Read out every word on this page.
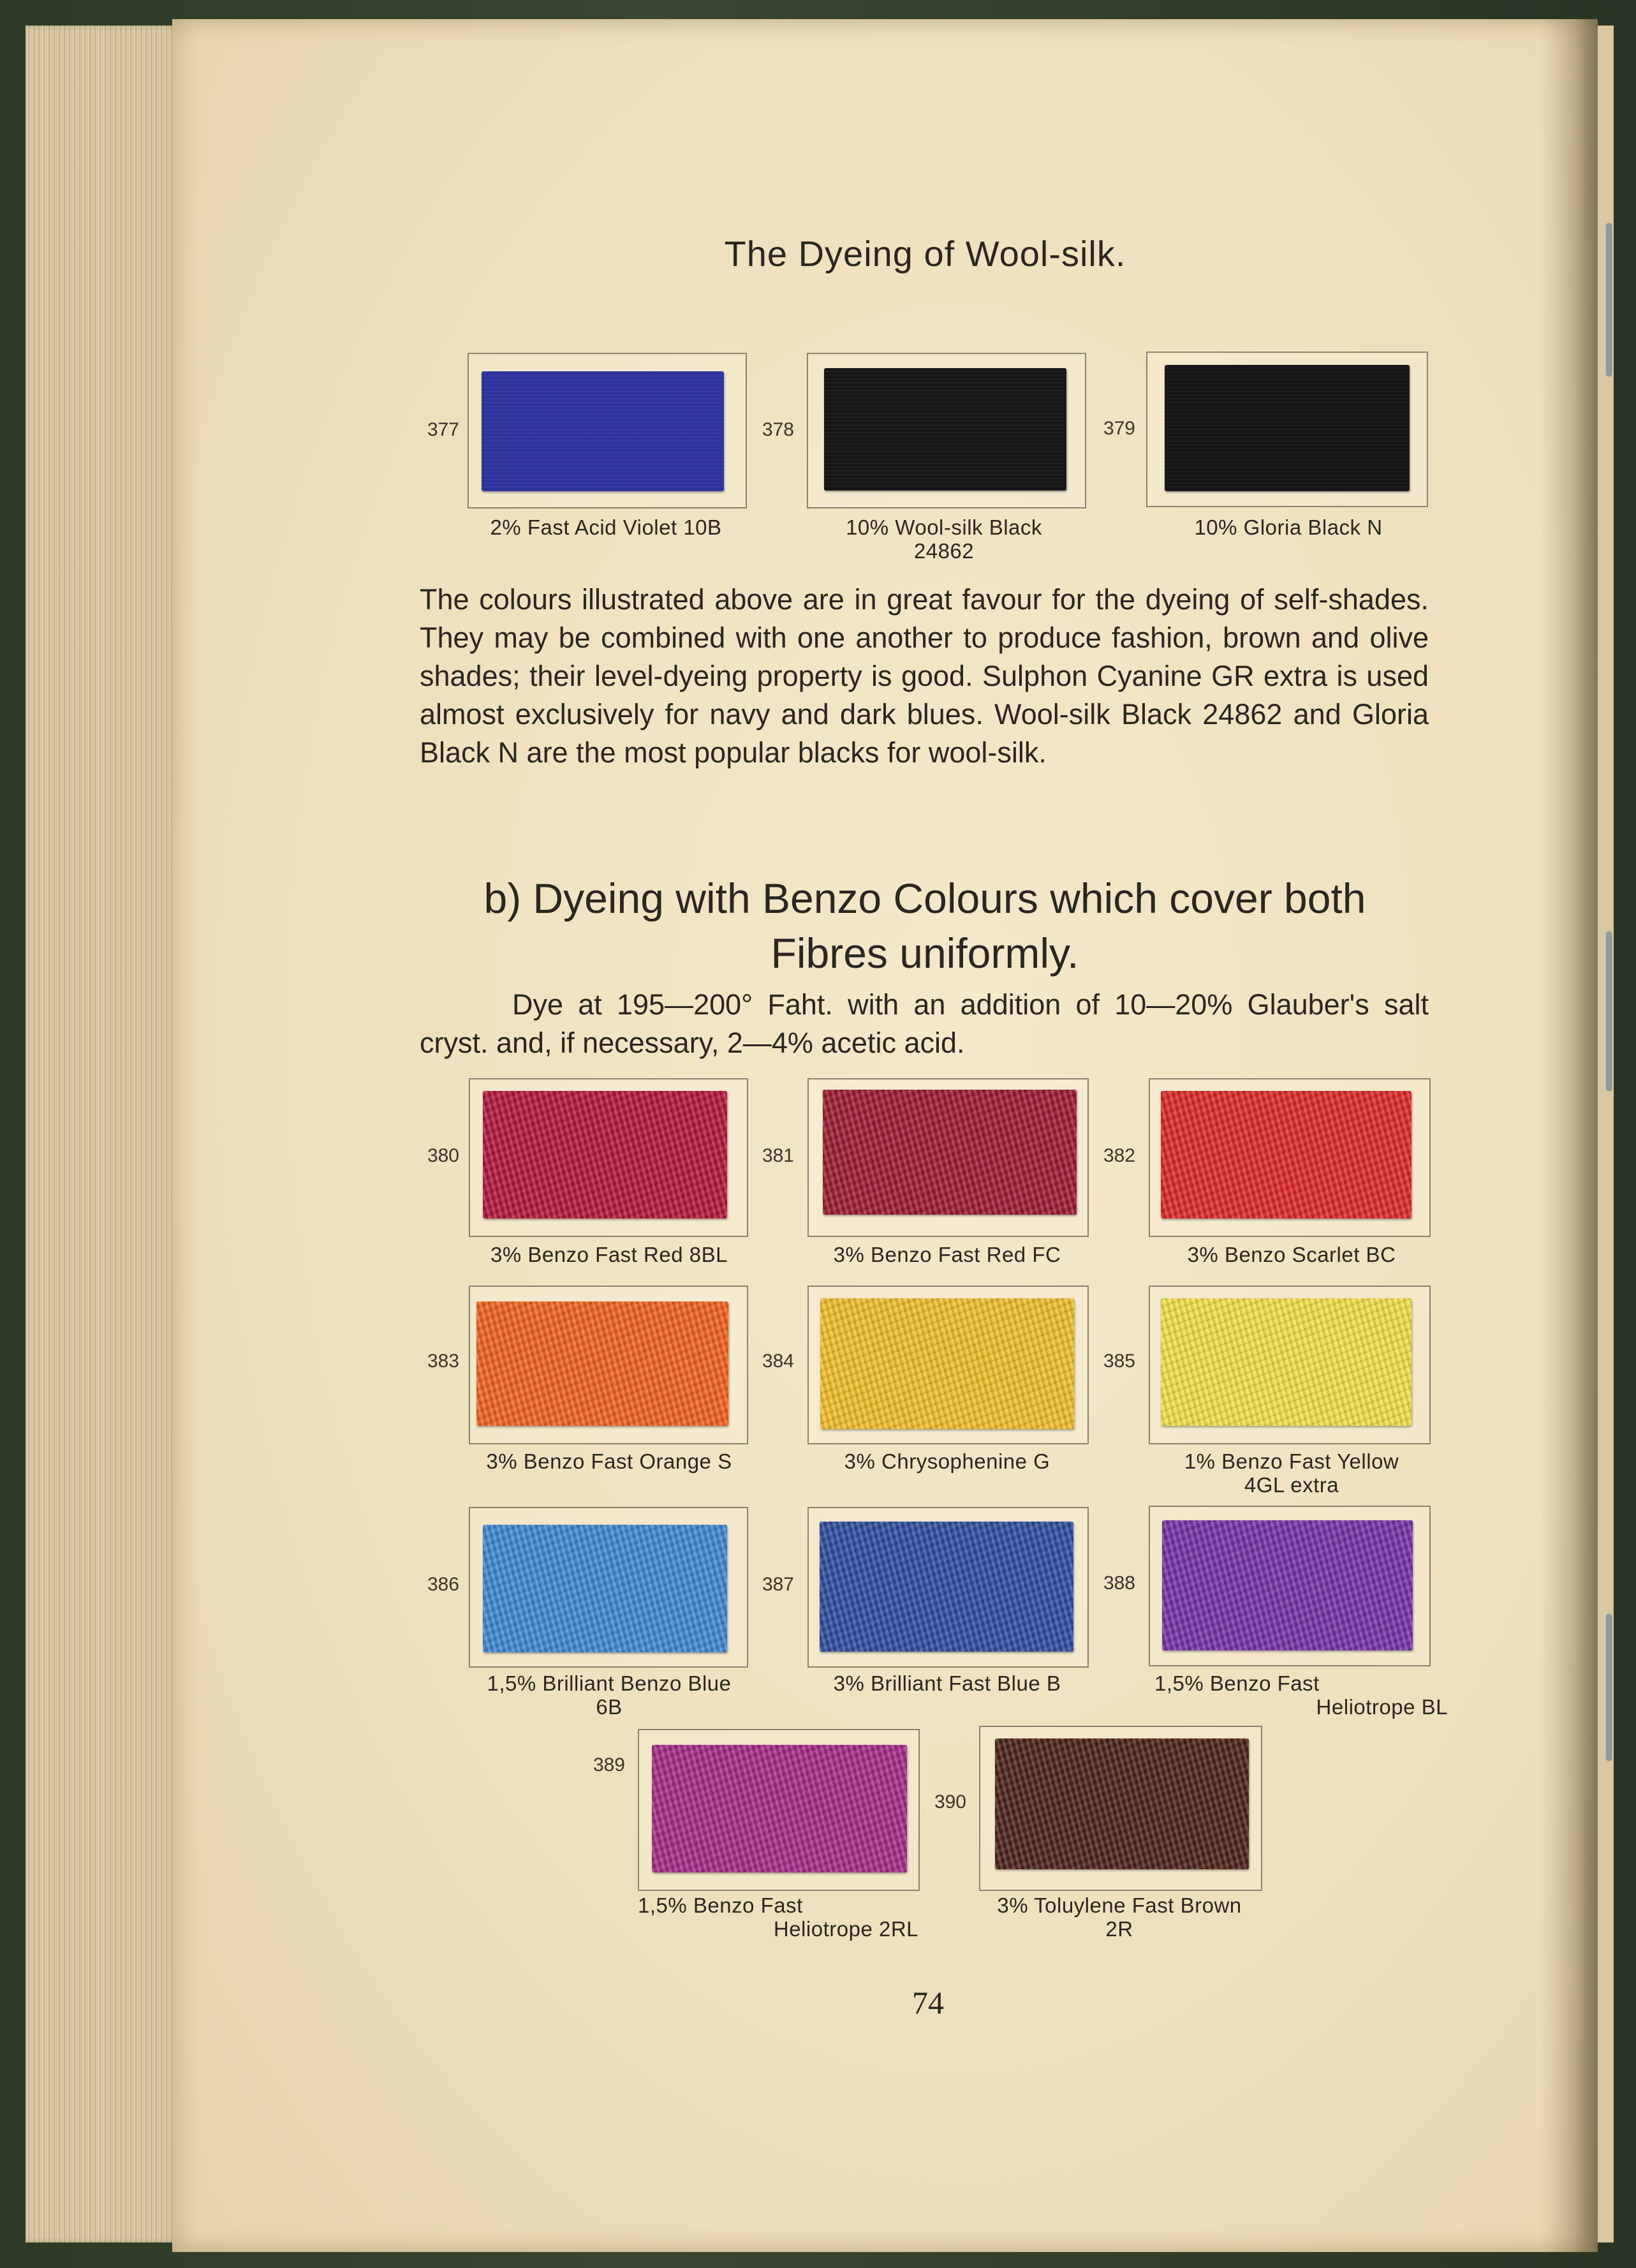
The Dyeing of Wool-silk.
377
2% Fast Acid Violet 10B
378
10% Wool-silk Black
24862
379
10% Gloria Black N
The colours illustrated above are in great favour for the dyeing of self-shades. They may be combined with one another to produce fashion, brown and olive shades; their level-dyeing property is good. Sulphon Cyanine GR extra is used almost exclusively for navy and dark blues. Wool-silk Black 24862 and Gloria Black N are the most popular blacks for wool-silk.
b) Dyeing with Benzo Colours which cover both
Fibres uniformly.
Dye at 195—200° Faht. with an addition of 10—20% Glauber's salt cryst. and, if necessary, 2—4% acetic acid.
380
3% Benzo Fast Red 8BL
381
3% Benzo Fast Red FC
382
3% Benzo Scarlet BC
383
3% Benzo Fast Orange S
384
3% Chrysophenine G
385
1% Benzo Fast Yellow
4GL extra
386
1,5% Brilliant Benzo Blue
6B
387
3% Brilliant Fast Blue B
388
1,5% Benzo Fast
Heliotrope BL
389
1,5% Benzo Fast
Heliotrope 2RL
390
3% Toluylene Fast Brown
2R
74
